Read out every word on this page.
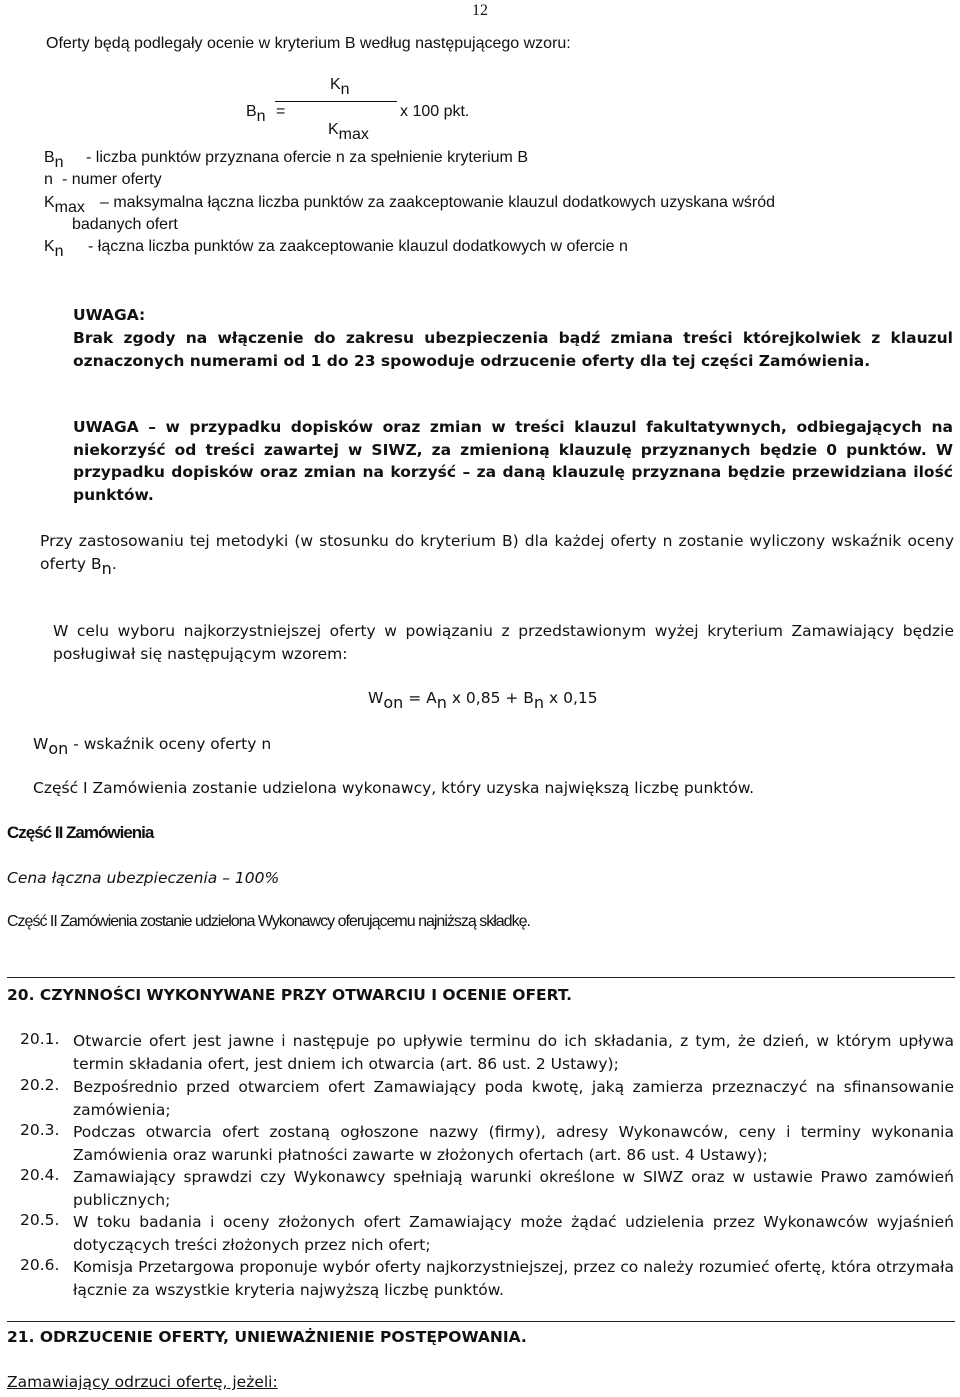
12
Oferty będą podlegały ocenie w kryterium B według następującego wzoru:
$K_n$
$B_n$ =	x 100 pkt.
$K_{max}$
$B_n$ - liczba punktów przyznana ofercie n za spełnienie kryterium B
n - numer oferty
$K_{max}$ – maksymalna łączna liczba punktów za zaakceptowanie klauzul dodatkowych uzyskana wśród
badanych ofert
$K_n$ - łączna liczba punktów za zaakceptowanie klauzul dodatkowych w ofercie n
UWAGA:
Brak zgody na włączenie do zakresu ubezpieczenia bądź zmiana treści którejkolwiek z klauzul oznaczonych numerami od 1 do 23 spowoduje odrzucenie oferty dla tej części Zamówienia.
UWAGA – w przypadku dopisków oraz zmian w treści klauzul fakultatywnych, odbiegających na niekorzyść od treści zawartej w SIWZ, za zmienioną klauzulę przyznanych będzie 0 punktów. W przypadku dopisków oraz zmian na korzyść – za daną klauzulę przyznana będzie przewidziana ilość punktów.
Przy zastosowaniu tej metodyki (w stosunku do kryterium B) dla każdej oferty n zostanie wyliczony wskaźnik oceny oferty $B_n$.
W celu wyboru najkorzystniejszej oferty w powiązaniu z przedstawionym wyżej kryterium Zamawiający będzie posługiwał się następującym wzorem:
$W_{on} = A_n$ x $0,85 + B_n$ x 0,15
$W_{on}$ - wskaźnik oceny oferty n
Część I Zamówienia zostanie udzielona wykonawcy, który uzyska największą liczbę punktów.
Część II Zamówienia
Cena łączna ubezpieczenia – 100%
Część II Zamówienia zostanie udzielona Wykonawcy oferującemu najniższą składkę.
20. CZYNNOŚCI WYKONYWANE PRZY OTWARCIU I OCENIE OFERT.
20.1. Otwarcie ofert jest jawne i następuje po upływie terminu do ich składania, z tym, że dzień, w którym upływa termin składania ofert, jest dniem ich otwarcia (art. 86 ust. 2 Ustawy);
20.2. Bezpośrednio przed otwarciem ofert Zamawiający poda kwotę, jaką zamierza przeznaczyć na sfinansowanie zamówienia;
20.3. Podczas otwarcia ofert zostaną ogłoszone nazwy (firmy), adresy Wykonawców, ceny i terminy wykonania Zamówienia oraz warunki płatności zawarte w złożonych ofertach (art. 86 ust. 4 Ustawy);
20.4. Zamawiający sprawdzi czy Wykonawcy spełniają warunki określone w SIWZ oraz w ustawie Prawo zamówień publicznych;
20.5. W toku badania i oceny złożonych ofert Zamawiający może żądać udzielenia przez Wykonawców wyjaśnień dotyczących treści złożonych przez nich ofert;
20.6. Komisja Przetargowa proponuje wybór oferty najkorzystniejszej, przez co należy rozumieć ofertę, która otrzymała łącznie za wszystkie kryteria najwyższą liczbę punktów.
21. ODRZUCENIE OFERTY, UNIEWAŻNIENIE POSTĘPOWANIA.
Zamawiający odrzuci ofertę, jeżeli:
